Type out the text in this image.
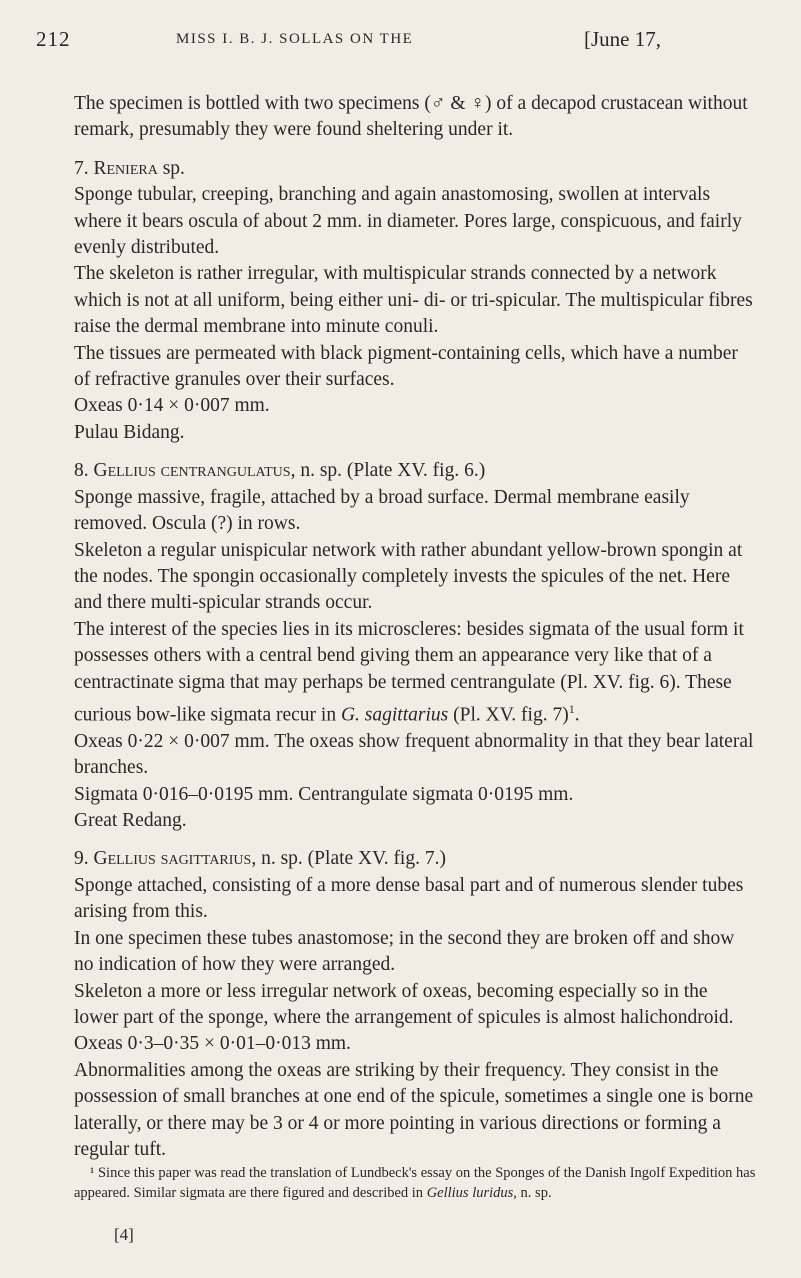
212	MISS I. B. J. SOLLAS ON THE	[June 17,

The specimen is bottled with two specimens (♂ & ♀) of a decapod crustacean without remark, presumably they were found sheltering under it.

7. Reniera sp.

Sponge tubular, creeping, branching and again anastomosing, swollen at intervals where it bears oscula of about 2 mm. in diameter. Pores large, conspicuous, and fairly evenly distributed.

The skeleton is rather irregular, with multispicular strands connected by a network which is not at all uniform, being either uni- di- or tri-spicular. The multispicular fibres raise the dermal membrane into minute conuli.

The tissues are permeated with black pigment-containing cells, which have a number of refractive granules over their surfaces.

Oxeas 0·14 × 0·007 mm.

Pulau Bidang.

8. Gellius centrangulatus, n. sp. (Plate XV. fig. 6.)

Sponge massive, fragile, attached by a broad surface. Dermal membrane easily removed. Oscula (?) in rows.

Skeleton a regular unispicular network with rather abundant yellow-brown spongin at the nodes. The spongin occasionally completely invests the spicules of the net. Here and there multi-spicular strands occur.

The interest of the species lies in its microscleres: besides sigmata of the usual form it possesses others with a central bend giving them an appearance very like that of a centractinate sigma that may perhaps be termed centrangulate (Pl. XV. fig. 6). These curious bow-like sigmata recur in G. sagittarius (Pl. XV. fig. 7)$^1$.

Oxeas 0·22 × 0·007 mm. The oxeas show frequent abnormality in that they bear lateral branches.

Sigmata 0·016–0·0195 mm. Centrangulate sigmata 0·0195 mm.

Great Redang.

9. Gellius sagittarius, n. sp. (Plate XV. fig. 7.)

Sponge attached, consisting of a more dense basal part and of numerous slender tubes arising from this.

In one specimen these tubes anastomose; in the second they are broken off and show no indication of how they were arranged.

Skeleton a more or less irregular network of oxeas, becoming especially so in the lower part of the sponge, where the arrangement of spicules is almost halichondroid.

Oxeas 0·3–0·35 × 0·01–0·013 mm.

Abnormalities among the oxeas are striking by their frequency. They consist in the possession of small branches at one end of the spicule, sometimes a single one is borne laterally, or there may be 3 or 4 or more pointing in various directions or forming a regular tuft.

¹ Since this paper was read the translation of Lundbeck's essay on the Sponges of the Danish Ingolf Expedition has appeared. Similar sigmata are there figured and described in Gellius luridus, n. sp.

[4]
